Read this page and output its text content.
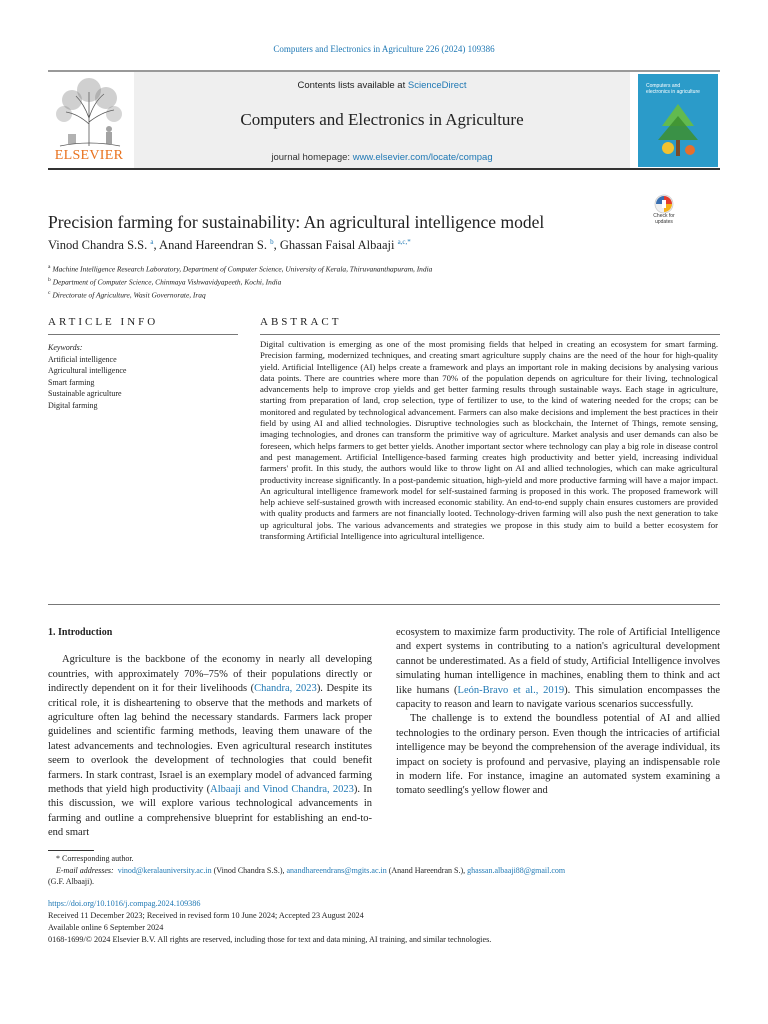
Computers and Electronics in Agriculture 226 (2024) 109386
ELSEVIER
Contents lists available at ScienceDirect
Computers and Electronics in Agriculture
journal homepage: www.elsevier.com/locate/compag
Computers and electronics in agriculture
Check for updates
Precision farming for sustainability: An agricultural intelligence model
Vinod Chandra S.S. $^a$, Anand Hareendran S. $^b$, Ghassan Faisal Albaaji $^{a,c,*}$
$^a$ Machine Intelligence Research Laboratory, Department of Computer Science, University of Kerala, Thiruvananthapuram, India
$^b$ Department of Computer Science, Chinmaya Vishwavidyapeeth, Kochi, India
$^c$ Directorate of Agriculture, Wasit Governorate, Iraq
ARTICLE INFO	ABSTRACT
Keywords:
Artificial intelligence
Agricultural intelligence
Smart farming
Sustainable agriculture
Digital farming
Digital cultivation is emerging as one of the most promising fields that helped in creating an ecosystem for smart farming. Precision farming, modernized techniques, and creating smart agriculture supply chains are the need of the hour for high-quality yield. Artificial Intelligence (AI) helps create a framework and plays an important role in making decisions by analysing various data points. There are countries where more than 70% of the population depends on agriculture for their living, technological advancements help to improve crop yields and get better farming results through sustainable ways. Each stage in agriculture, starting from preparation of land, crop selection, type of fertilizer to use, to the kind of watering needed for the crops; can be monitored and regulated by technological advancement. Farmers can also make decisions and implement the best practices in their field by using AI and allied technologies. Disruptive technologies such as blockchain, the Internet of Things, remote sensing, imaging technologies, and drones can transform the primitive way of agriculture. Market analysis and user demands can also be foreseen, which helps farmers to get better yields. Another important sector where technology can play a big role in disease control and pest management. Artificial Intelligence-based farming creates high productivity and better yield, increasing individual farmers' profit. In this study, the authors would like to throw light on AI and allied technologies, which can make agricultural productivity increase significantly. In a post-pandemic situation, high-yield and more productive farming will have a major impact. An agricultural intelligence framework model for self-sustained farming is proposed in this work. The proposed framework will help achieve self-sustained growth with increased economic stability. An end-to-end supply chain ensures customers are provided with quality products and farmers are not financially looted. Technology-driven farming will also push the next generation to take up agricultural jobs. The various advancements and strategies we propose in this study aim to build a better ecosystem for transforming Artificial Intelligence into agricultural intelligence.
1. Introduction

Agriculture is the backbone of the economy in nearly all developing countries, with approximately 70%–75% of their populations directly or indirectly dependent on it for their livelihoods (Chandra, 2023). Despite its critical role, it is disheartening to observe that the methods and markets of agriculture often lag behind the necessary standards. Farmers lack proper guidelines and scientific farming methods, leaving them unaware of the latest advancements and technologies. Even agricultural research institutes seem to overlook the development of technologies that could benefit farmers. In stark contrast, Israel is an exemplary model of advanced farming methods that yield high productivity (Albaaji and Vinod Chandra, 2023). In this discussion, we will explore various technological advancements in farming and outline a comprehensive blueprint for establishing an end-to-end smart

ecosystem to maximize farm productivity. The role of Artificial Intelligence and expert systems in contributing to a nation's agricultural development cannot be underestimated. As a field of study, Artificial Intelligence involves simulating human intelligence in machines, enabling them to think and act like humans (León-Bravo et al., 2019). This simulation encompasses the capacity to reason and learn to navigate various scenarios successfully.

The challenge is to extend the boundless potential of AI and allied technologies to the ordinary person. Even though the intricacies of artificial intelligence may be beyond the comprehension of the average individual, its impact on society is profound and pervasive, playing an indispensable role in modern life. For instance, imagine an automated system examining a tomato seedling's yellow flower and

* Corresponding author.
E-mail addresses: vinod@keralauniversity.ac.in (Vinod Chandra S.S.), anandhareendrans@mgits.ac.in (Anand Hareendran S.), ghassan.albaaji88@gmail.com
(G.F. Albaaji).
https://doi.org/10.1016/j.compag.2024.109386
Received 11 December 2023; Received in revised form 10 June 2024; Accepted 23 August 2024
Available online 6 September 2024
0168-1699/© 2024 Elsevier B.V. All rights are reserved, including those for text and data mining, AI training, and similar technologies.
